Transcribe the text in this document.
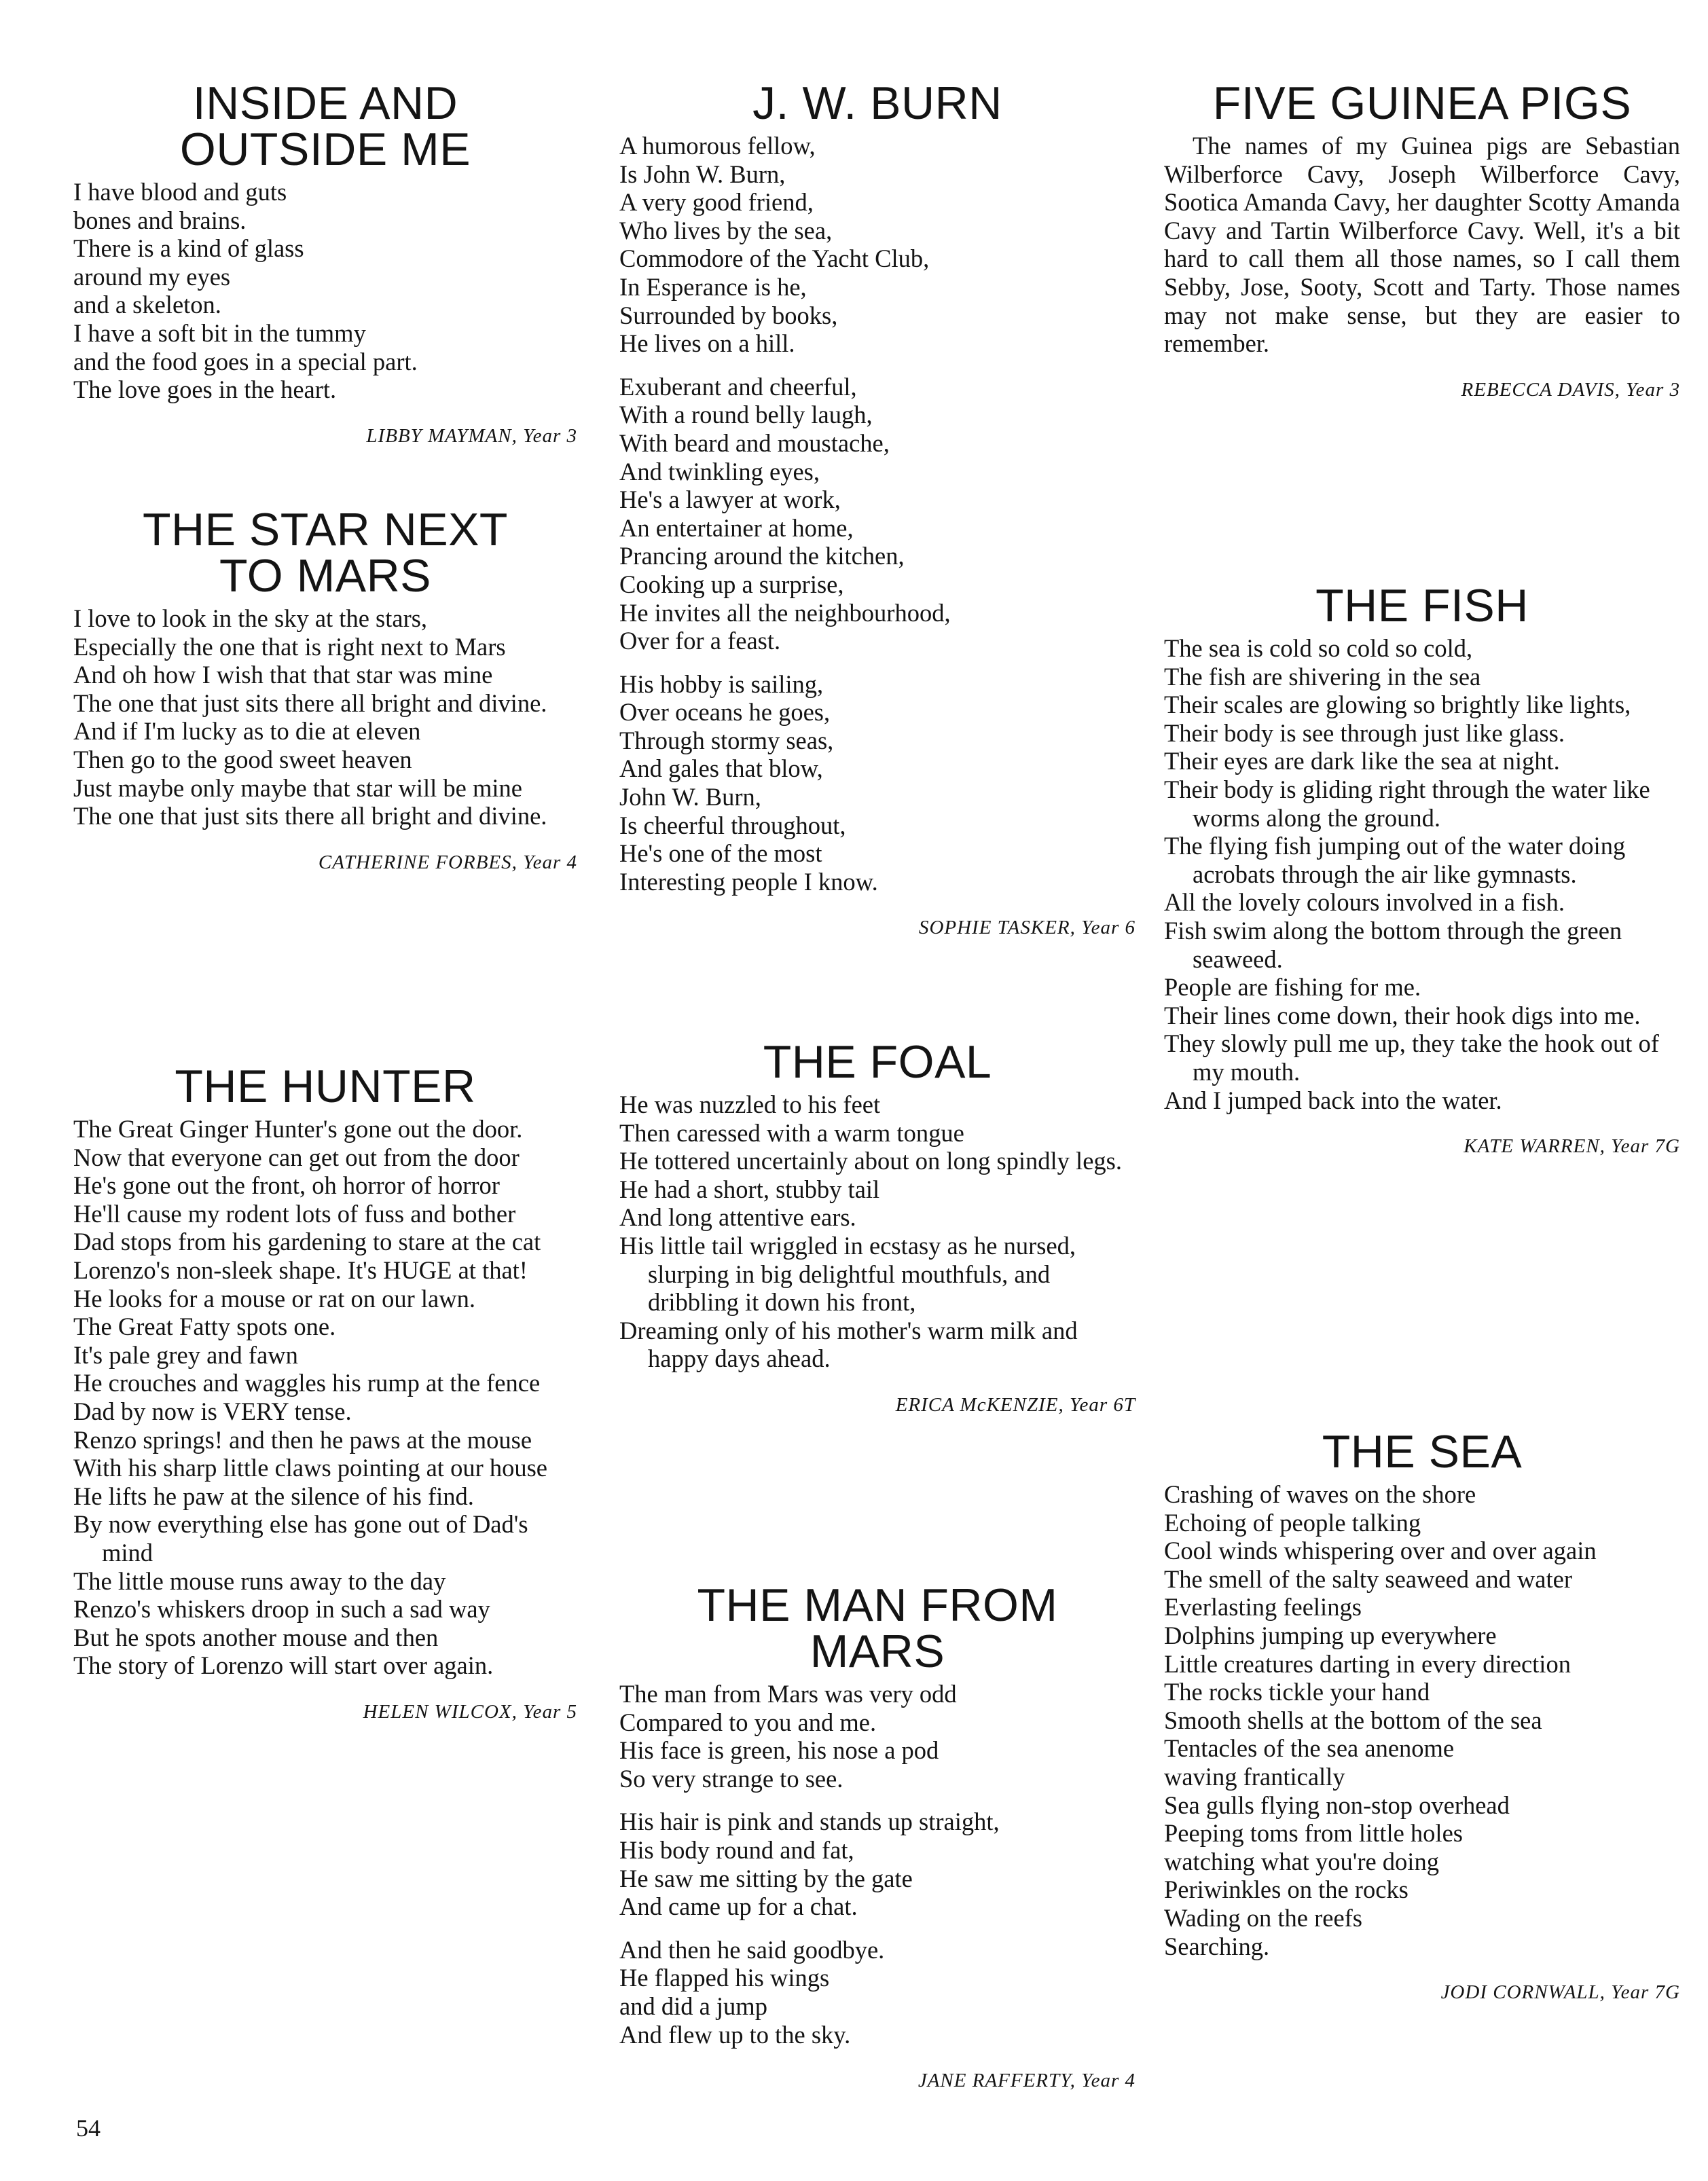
INSIDE AND OUTSIDE ME
I have blood and guts
bones and brains.
There is a kind of glass
around my eyes
and a skeleton.
I have a soft bit in the tummy
and the food goes in a special part.
The love goes in the heart.
LIBBY MAYMAN, Year 3
THE STAR NEXT TO MARS
I love to look in the sky at the stars,
Especially the one that is right next to Mars
And oh how I wish that that star was mine
The one that just sits there all bright and divine.
And if I'm lucky as to die at eleven
Then go to the good sweet heaven
Just maybe only maybe that star will be mine
The one that just sits there all bright and divine.
CATHERINE FORBES, Year 4
THE HUNTER
The Great Ginger Hunter's gone out the door.
Now that everyone can get out from the door
He's gone out the front, oh horror of horror
He'll cause my rodent lots of fuss and bother
Dad stops from his gardening to stare at the cat
Lorenzo's non-sleek shape. It's HUGE at that!
He looks for a mouse or rat on our lawn.
The Great Fatty spots one.
It's pale grey and fawn
He crouches and waggles his rump at the fence
Dad by now is VERY tense.
Renzo springs! and then he paws at the mouse
With his sharp little claws pointing at our house
He lifts he paw at the silence of his find.
By now everything else has gone out of Dad's mind
The little mouse runs away to the day
Renzo's whiskers droop in such a sad way
But he spots another mouse and then
The story of Lorenzo will start over again.
HELEN WILCOX, Year 5
J. W. BURN
A humorous fellow,
Is John W. Burn,
A very good friend,
Who lives by the sea,
Commodore of the Yacht Club,
In Esperance is he,
Surrounded by books,
He lives on a hill.
Exuberant and cheerful,
With a round belly laugh,
With beard and moustache,
And twinkling eyes,
He's a lawyer at work,
An entertainer at home,
Prancing around the kitchen,
Cooking up a surprise,
He invites all the neighbourhood,
Over for a feast.
His hobby is sailing,
Over oceans he goes,
Through stormy seas,
And gales that blow,
John W. Burn,
Is cheerful throughout,
He's one of the most
Interesting people I know.
SOPHIE TASKER, Year 6
THE FOAL
He was nuzzled to his feet
Then caressed with a warm tongue
He tottered uncertainly about on long spindly legs.
He had a short, stubby tail
And long attentive ears.
His little tail wriggled in ecstasy as he nursed, slurping in big delightful mouthfuls, and dribbling it down his front,
Dreaming only of his mother's warm milk and happy days ahead.
ERICA McKENZIE, Year 6T
THE MAN FROM MARS
The man from Mars was very odd
Compared to you and me.
His face is green, his nose a pod
So very strange to see.
His hair is pink and stands up straight,
His body round and fat,
He saw me sitting by the gate
And came up for a chat.
And then he said goodbye.
He flapped his wings
and did a jump
And flew up to the sky.
JANE RAFFERTY, Year 4
FIVE GUINEA PIGS
The names of my Guinea pigs are Sebastian Wilberforce Cavy, Joseph Wilberforce Cavy, Sootica Amanda Cavy, her daughter Scotty Amanda Cavy and Tartin Wilberforce Cavy. Well, it's a bit hard to call them all those names, so I call them Sebby, Jose, Sooty, Scott and Tarty. Those names may not make sense, but they are easier to remember.
REBECCA DAVIS, Year 3
THE FISH
The sea is cold so cold so cold,
The fish are shivering in the sea
Their scales are glowing so brightly like lights,
Their body is see through just like glass.
Their eyes are dark like the sea at night.
Their body is gliding right through the water like worms along the ground.
The flying fish jumping out of the water doing acrobats through the air like gymnasts.
All the lovely colours involved in a fish.
Fish swim along the bottom through the green seaweed.
People are fishing for me.
Their lines come down, their hook digs into me.
They slowly pull me up, they take the hook out of my mouth.
And I jumped back into the water.
KATE WARREN, Year 7G
THE SEA
Crashing of waves on the shore
Echoing of people talking
Cool winds whispering over and over again
The smell of the salty seaweed and water
Everlasting feelings
Dolphins jumping up everywhere
Little creatures darting in every direction
The rocks tickle your hand
Smooth shells at the bottom of the sea
Tentacles of the sea anenome
waving frantically
Sea gulls flying non-stop overhead
Peeping toms from little holes
watching what you're doing
Periwinkles on the rocks
Wading on the reefs
Searching.
JODI CORNWALL, Year 7G
54
